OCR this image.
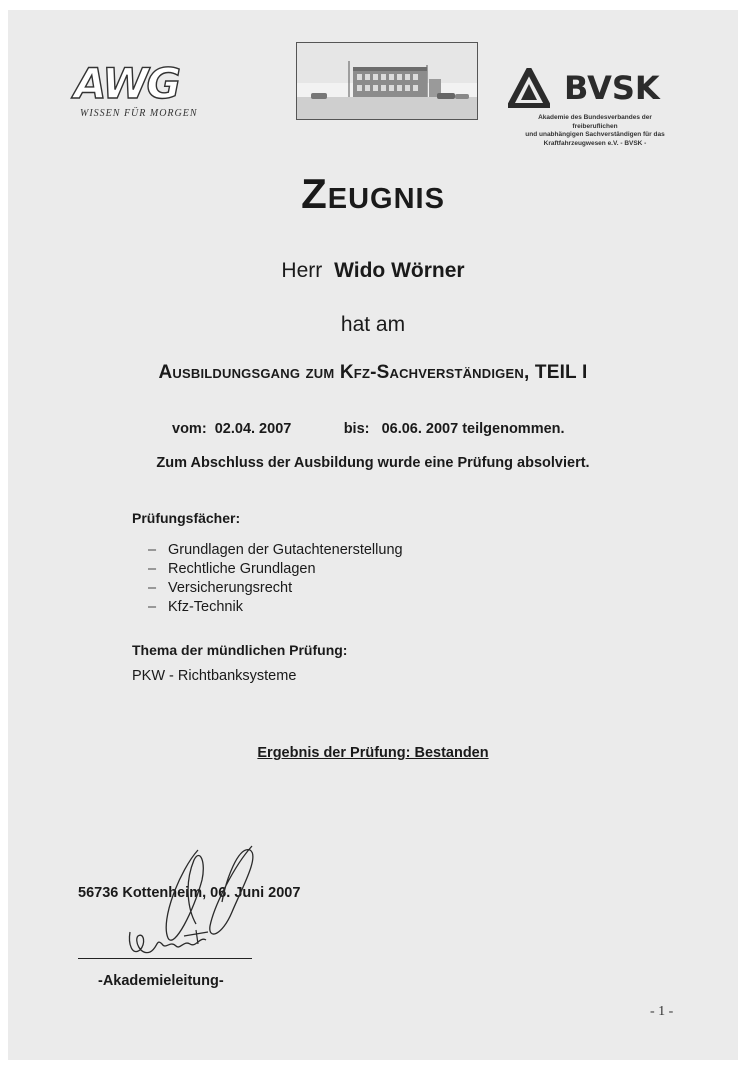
AWG
WISSEN FÜR MORGEN
BVSK
Akademie des Bundesverbandes der
freiberuflichen
und unabhängigen Sachverständigen für das
Kraftfahrzeugwesen e.V. - BVSK -
Zeugnis
Herr Wido Wörner
hat am
Ausbildungsgang zum Kfz-Sachverständigen, TEIL I
vom: 02.04. 2007	bis: 06.06. 2007 teilgenommen.
Zum Abschluss der Ausbildung wurde eine Prüfung absolviert.
Prüfungsfächer:
– Grundlagen der Gutachtenerstellung
– Rechtliche Grundlagen
– Versicherungsrecht
– Kfz-Technik
Thema der mündlichen Prüfung:
PKW - Richtbanksysteme
Ergebnis der Prüfung: Bestanden
56736 Kottenheim, 06. Juni 2007
-Akademieleitung-
- 1 -
